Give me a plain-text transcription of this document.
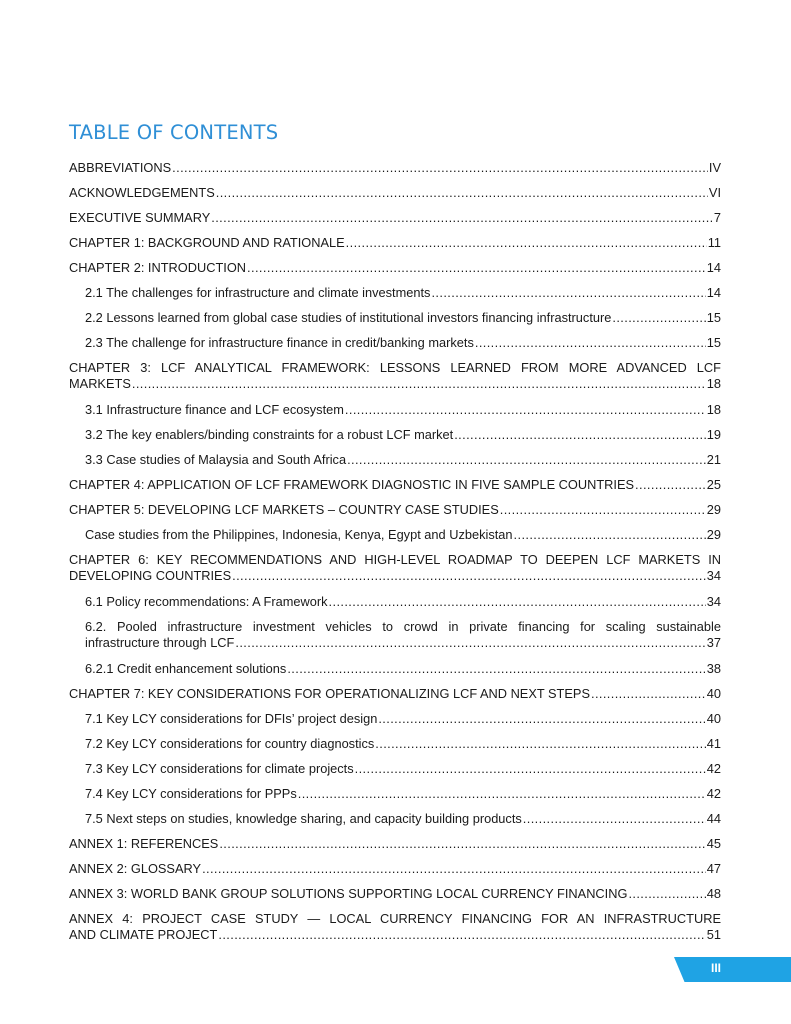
TABLE OF CONTENTS
ABBREVIATIONS .....	IV
ACKNOWLEDGEMENTS .....	VI
EXECUTIVE SUMMARY .....	7
CHAPTER 1: BACKGROUND AND RATIONALE .....	11
CHAPTER 2: INTRODUCTION .....	14
2.1 The challenges for infrastructure and climate investments .....	14
2.2 Lessons learned from global case studies of institutional investors financing infrastructure .....	15
2.3 The challenge for infrastructure finance in credit/banking markets .....	15
CHAPTER 3: LCF ANALYTICAL FRAMEWORK: LESSONS LEARNED FROM MORE ADVANCED LCF
MARKETS .....	18
3.1 Infrastructure finance and LCF ecosystem .....	18
3.2 The key enablers/binding constraints for a robust LCF market .....	19
3.3 Case studies of Malaysia and South Africa .....	21
CHAPTER 4: APPLICATION OF LCF FRAMEWORK DIAGNOSTIC IN FIVE SAMPLE COUNTRIES .....	25
CHAPTER 5: DEVELOPING LCF MARKETS – COUNTRY CASE STUDIES .....	29
Case studies from the Philippines, Indonesia, Kenya, Egypt and Uzbekistan .....	29
CHAPTER 6: KEY RECOMMENDATIONS AND HIGH-LEVEL ROADMAP TO DEEPEN LCF MARKETS IN
DEVELOPING COUNTRIES .....	34
6.1 Policy recommendations: A Framework .....	34
6.2. Pooled infrastructure investment vehicles to crowd in private financing for scaling sustainable
infrastructure through LCF .....	37
6.2.1 Credit enhancement solutions .....	38
CHAPTER 7: KEY CONSIDERATIONS FOR OPERATIONALIZING LCF AND NEXT STEPS .....	40
7.1 Key LCY considerations for DFIs’ project design .....	40
7.2 Key LCY considerations for country diagnostics .....	41
7.3 Key LCY considerations for climate projects .....	42
7.4 Key LCY considerations for PPPs .....	42
7.5 Next steps on studies, knowledge sharing, and capacity building products .....	44
ANNEX 1: REFERENCES .....	45
ANNEX 2: GLOSSARY .....	47
ANNEX 3: WORLD BANK GROUP SOLUTIONS SUPPORTING LOCAL CURRENCY FINANCING .....	48
ANNEX 4: PROJECT CASE STUDY — LOCAL CURRENCY FINANCING FOR AN INFRASTRUCTURE
AND CLIMATE PROJECT .....	51
III
